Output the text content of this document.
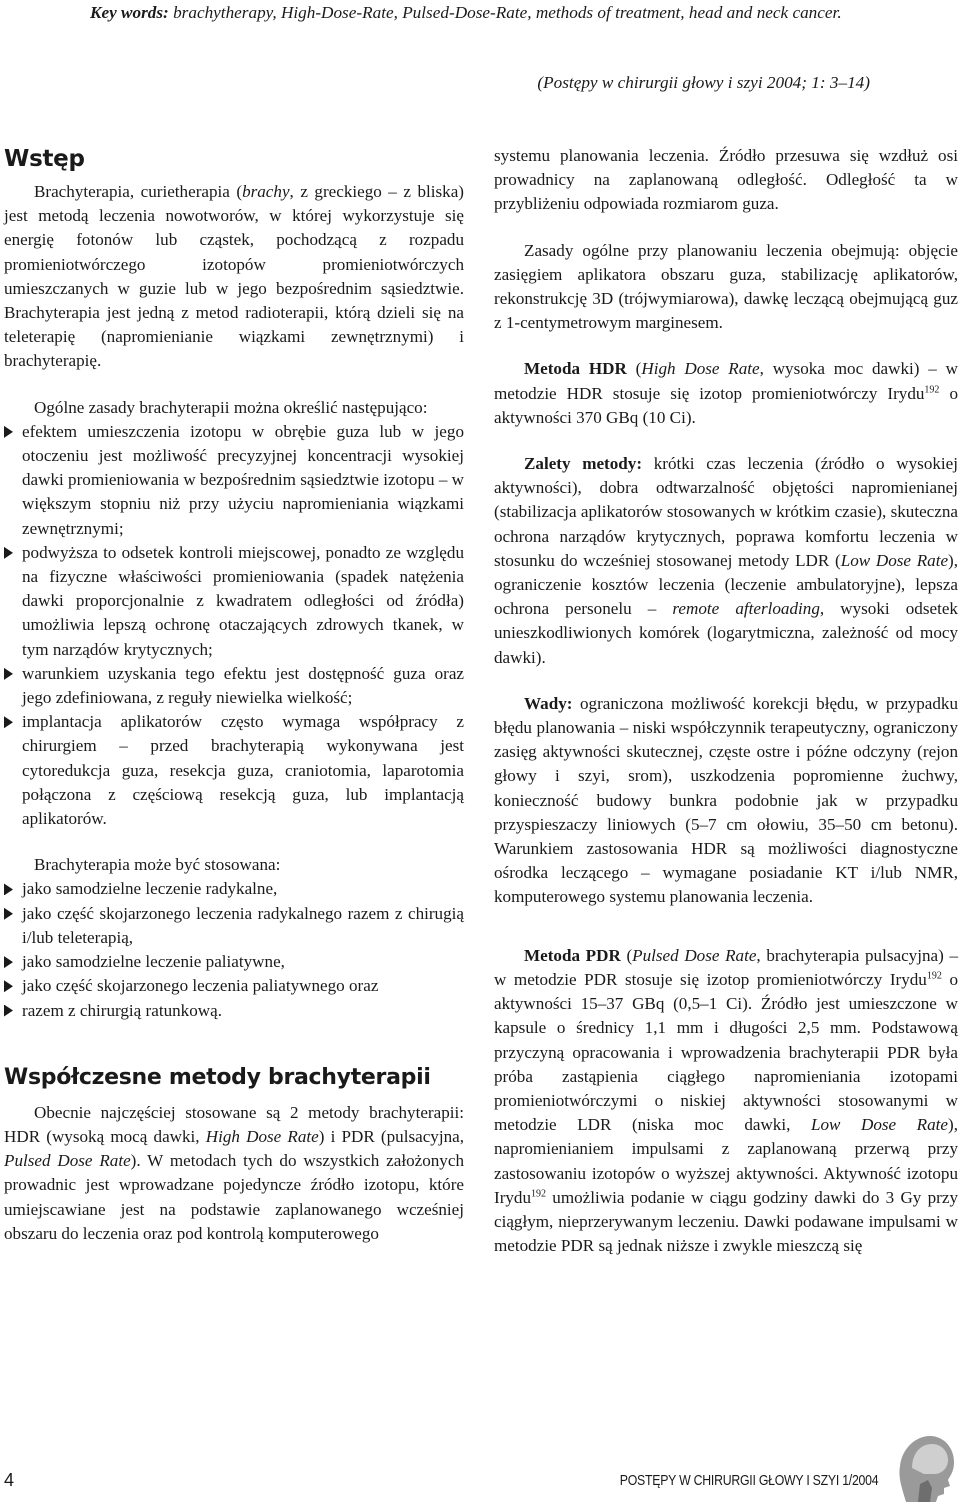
Key words: brachytherapy, High-Dose-Rate, Pulsed-Dose-Rate, methods of treatment, head and neck cancer.
(Postępy w chirurgii głowy i szyi 2004; 1: 3–14)
Wstęp

Brachyterapia, curietherapia (brachy, z greckiego – z bliska) jest metodą leczenia nowotworów, w której wykorzystuje się energię fotonów lub cząstek, pochodzącą z rozpadu promieniotwórczego izotopów promieniotwórczych umieszczanych w guzie lub w jego bezpośrednim sąsiedztwie. Brachyterapia jest jedną z metod radioterapii, którą dzieli się na teleterapię (napromienianie wiązkami zewnętrznymi) i brachyterapię.

Ogólne zasady brachyterapii można określić następująco:

efektem umieszczenia izotopu w obrębie guza lub w jego otoczeniu jest możliwość precyzyjnej koncentracji wysokiej dawki promieniowania w bezpośrednim sąsiedztwie izotopu – w większym stopniu niż przy użyciu napromieniania wiązkami zewnętrznymi;
podwyższa to odsetek kontroli miejscowej, ponadto ze względu na fizyczne właściwości promieniowania (spadek natężenia dawki proporcjonalnie z kwadratem odległości od źródła) umożliwia lepszą ochronę otaczających zdrowych tkanek, w tym narządów krytycznych;
warunkiem uzyskania tego efektu jest dostępność guza oraz jego zdefiniowana, z reguły niewielka wielkość;
implantacja aplikatorów często wymaga współpracy z chirurgiem – przed brachyterapią wykonywana jest cytoredukcja guza, resekcja guza, craniotomia, laparotomia połączona z częściową resekcją guza, lub implantacją aplikatorów.

Brachyterapia może być stosowana:

jako samodzielne leczenie radykalne,
jako część skojarzonego leczenia radykalnego razem z chirugią i/lub teleterapią,
jako samodzielne leczenie paliatywne,
jako część skojarzonego leczenia paliatywnego oraz
razem z chirurgią ratunkową.
Współczesne metody brachyterapii

Obecnie najczęściej stosowane są 2 metody brachyterapii: HDR (wysoką mocą dawki, High Dose Rate) i PDR (pulsacyjna, Pulsed Dose Rate). W metodach tych do wszystkich założonych prowadnic jest wprowadzane pojedyncze źródło izotopu, które umiejscawiane jest na podstawie zaplanowanego wcześniej obszaru do leczenia oraz pod kontrolą komputerowego

systemu planowania leczenia. Źródło przesuwa się wzdłuż osi prowadnicy na zaplanowaną odległość. Odległość ta w przybliżeniu odpowiada rozmiarom guza.

Zasady ogólne przy planowaniu leczenia obejmują: objęcie zasięgiem aplikatora obszaru guza, stabilizację aplikatorów, rekonstrukcję 3D (trójwymiarowa), dawkę leczącą obejmującą guz z 1-centymetrowym marginesem.

Metoda HDR (High Dose Rate, wysoka moc dawki) – w metodzie HDR stosuje się izotop promieniotwórczy Irydu$^{192}$ o aktywności 370 GBq (10 Ci).

Zalety metody: krótki czas leczenia (źródło o wysokiej aktywności), dobra odtwarzalność objętości napromienianej (stabilizacja aplikatorów stosowanych w krótkim czasie), skuteczna ochrona narządów krytycznych, poprawa komfortu leczenia w stosunku do wcześniej stosowanej metody LDR (Low Dose Rate), ograniczenie kosztów leczenia (leczenie ambulatoryjne), lepsza ochrona personelu – remote afterloading, wysoki odsetek unieszkodliwionych komórek (logarytmiczna, zależność od mocy dawki).

Wady: ograniczona możliwość korekcji błędu, w przypadku błędu planowania – niski współczynnik terapeutyczny, ograniczony zasięg aktywności skutecznej, częste ostre i późne odczyny (rejon głowy i szyi, srom), uszkodzenia popromienne żuchwy, konieczność budowy bunkra podobnie jak w przypadku przyspieszaczy liniowych (5–7 cm ołowiu, 35–50 cm betonu). Warunkiem zastosowania HDR są możliwości diagnostyczne ośrodka leczącego – wymagane posiadanie KT i/lub NMR, komputerowego systemu planowania leczenia.

Metoda PDR (Pulsed Dose Rate, brachyterapia pulsacyjna) – w metodzie PDR stosuje się izotop promieniotwórczy Irydu$^{192}$ o aktywności 15–37 GBq (0,5–1 Ci). Źródło jest umieszczone w kapsule o średnicy 1,1 mm i długości 2,5 mm. Podstawową przyczyną opracowania i wprowadzenia brachyterapii PDR była próba zastąpienia ciągłego napromieniania izotopami promieniotwórczymi o niskiej aktywności stosowanymi w metodzie LDR (niska moc dawki, Low Dose Rate), napromienianiem impulsami z zaplanowaną przerwą przy zastosowaniu izotopów o wyższej aktywności. Aktywność izotopu Irydu$^{192}$ umożliwia podanie w ciągu godziny dawki do 3 Gy przy ciągłym, nieprzerywanym leczeniu. Dawki podawane impulsami w metodzie PDR są jednak niższe i zwykle mieszczą się

4	POSTĘPY W CHIRURGII GŁOWY I SZYI 1/2004
